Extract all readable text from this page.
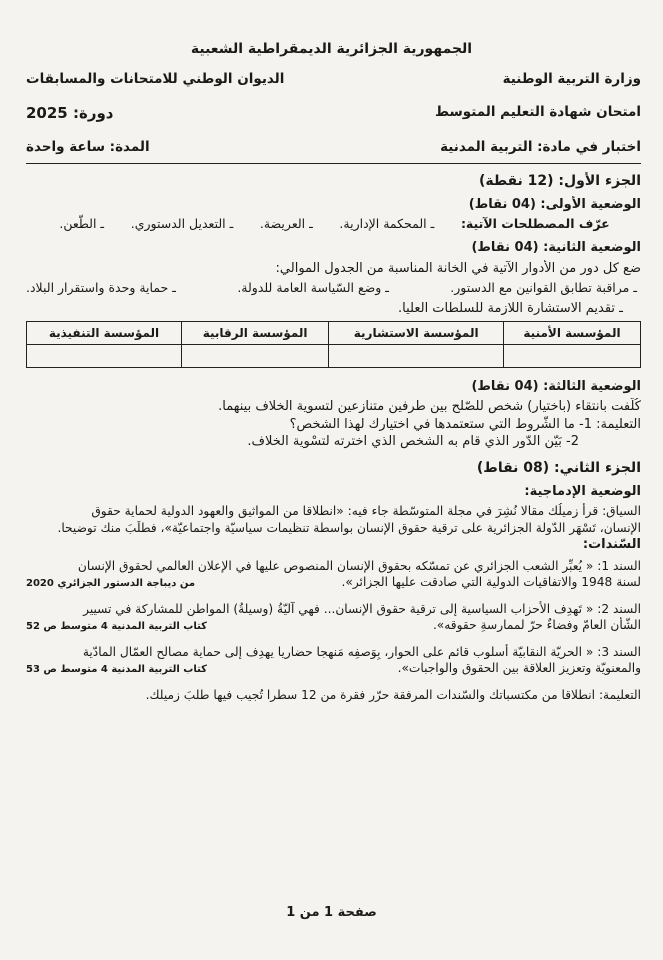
الجمهورية الجزائرية الديمقراطية الشعبية
وزارة التربية الوطنية
الديوان الوطني للامتحانات والمسابقات
امتحان شهادة التعليم المتوسط
دورة: 2025
اختبار في مادة: التربية المدنية
المدة: ساعة واحدة
الجزء الأول: (12 نقطة)
الوضعية الأولى: (04 نقاط)
عرّف المصطلحات الآتية:
ـ المحكمة الإدارية.
ـ العريضة.
ـ التعديل الدستوري.
ـ الطّعن.
الوضعية الثانية: (04 نقاط)
ضع كل دور من الأدوار الآتية في الخانة المناسبة من الجدول الموالي:
ـ مراقبة تطابق القوانين مع الدستور.
ـ وضع السّياسة العامة للدولة.
ـ حماية وحدة واستقرار البلاد.
ـ تقديم الاستشارة اللازمة للسلطات العليا.
المؤسسة الأمنية	المؤسسة الاستشارية	المؤسسة الرقابية	المؤسسة التنفيذية

الوضعية الثالثة: (04 نقاط)
كُلّفت بانتقاء (باختيار) شخص للصّلح بين طرفين متنازعين لتسوية الخلاف بينهما.
التعليمة: 1- ما الشّروط التي ستعتمدها في اختيارك لهذا الشخص؟
2- بَيّن الدّور الذي قام به الشخص الذي اخترته لتسْوية الخلاف.
الجزء الثاني: (08 نقاط)
الوضعية الإدماجية:
السياق: قرأ زميلُك مقالا نُشِرَ في مجلة المتوسّطة جاء فيه: «انطلاقا من المواثيق والعهود الدولية لحماية حقوق
الإنسان، تَسْهَر الدّولة الجزائرية على ترقية حقوق الإنسان بواسطة تنظيمات سياسيّة واجتماعيّة»، فطلَبَ منك توضيحا.
السّندات:
السند 1: « يُعبِّر الشعب الجزائري عن تمسّكه بحقوق الإنسان المنصوص عليها في الإعلان العالمي لحقوق الإنسان
لسنة 1948 والاتفاقيات الدولية التي صادقت عليها الجزائر».
من ديباجة الدستور الجزائري 2020
السند 2: « تَهدِف الأحزاب السياسية إلى ترقية حقوق الإنسان... فهي آليّةُ (وسيلةُ) المواطنِ للمشاركة في تسيير
الشّأن العامّ وفضاءٌ حرّ لممارسةِ حقوقه».
كتاب التربية المدنية 4 متوسط ص 52
السند 3: « الحريّة النقابيّة أسلوب قائم على الحوار، بِوَصفِه مَنهجا حضاريا يهدِف إلى حماية مصالح العمّال المادّية
والمعنويّة وتعزيز العلاقة بين الحقوق والواجبات».
كتاب التربية المدنية 4 متوسط ص 53
التعليمة: انطلاقا من مكتسباتك والسّندات المرفقة حرّر فقرة من 12 سطرا تُجيب فيها طلبَ زميلك.
صفحة 1 من 1
